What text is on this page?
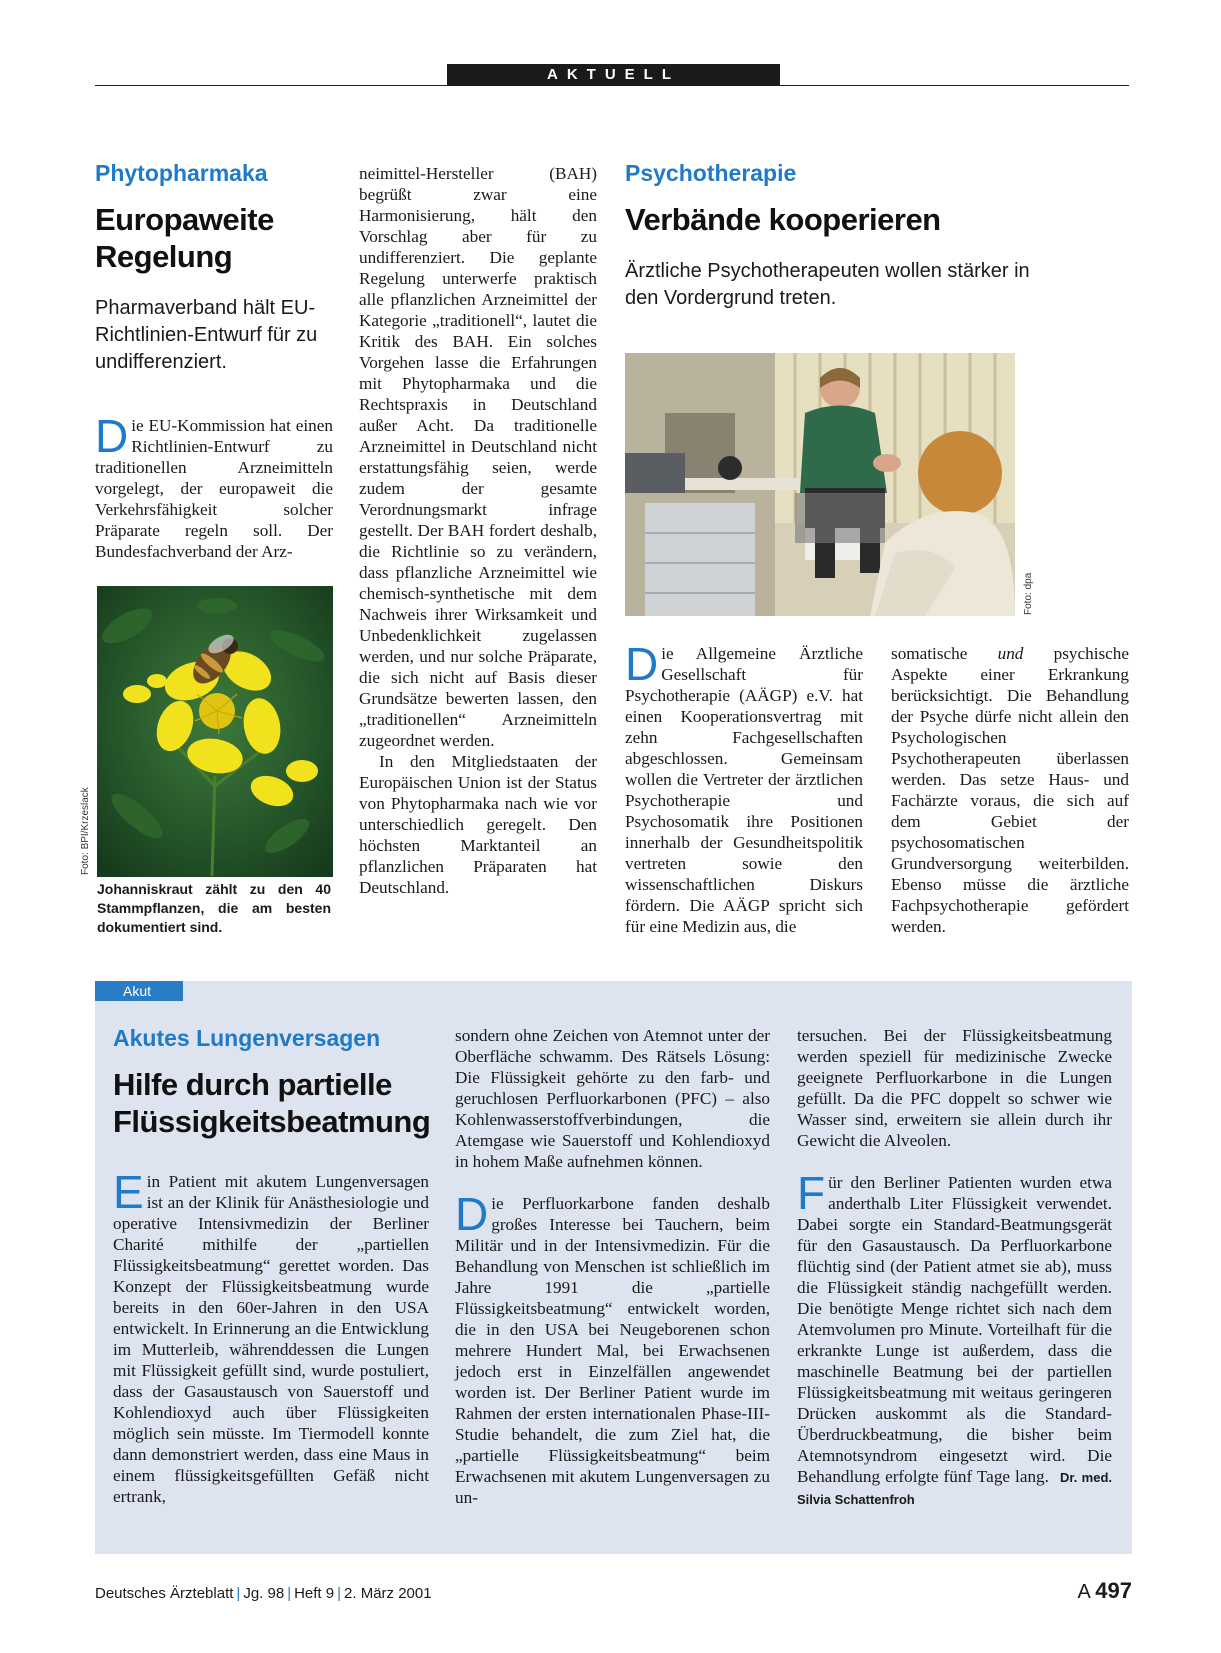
AKTUELL
Phytopharmaka
Europaweite
Regelung
Pharmaverband hält EU-Richtlinien-Entwurf für zu undifferenziert.

Die EU-Kommission hat einen Richtlinien-Entwurf zu traditionellen Arzneimitteln vorgelegt, der europaweit die Verkehrsfähigkeit solcher Präparate regeln soll. Der Bundesfachverband der Arz-

Foto: BPI/Krzeslack
Johanniskraut zählt zu den 40 Stammpflanzen, die am besten dokumentiert sind.

neimittel-Hersteller (BAH) begrüßt zwar eine Harmonisierung, hält den Vorschlag aber für zu undifferenziert. Die geplante Regelung unterwerfe praktisch alle pflanzlichen Arzneimittel der Kategorie „traditionell“, lautet die Kritik des BAH. Ein solches Vorgehen lasse die Erfahrungen mit Phytopharmaka und die Rechtspraxis in Deutschland außer Acht. Da traditionelle Arzneimittel in Deutschland nicht erstattungsfähig seien, werde zudem der gesamte Verordnungsmarkt infrage gestellt. Der BAH fordert deshalb, die Richtlinie so zu verändern, dass pflanzliche Arzneimittel wie chemisch-synthetische mit dem Nachweis ihrer Wirksamkeit und Unbedenklichkeit zugelassen werden, und nur solche Präparate, die sich nicht auf Basis dieser Grundsätze bewerten lassen, den „traditionellen“ Arzneimitteln zugeordnet werden.

In den Mitgliedstaaten der Europäischen Union ist der Status von Phytopharmaka nach wie vor unterschiedlich geregelt. Den höchsten Marktanteil an pflanzlichen Präparaten hat Deutschland.

Psychotherapie
Verbände kooperieren
Ärztliche Psychotherapeuten wollen stärker in den Vordergrund treten.
Foto: dpa

Die Allgemeine Ärztliche Gesellschaft für Psychotherapie (AÄGP) e.V. hat einen Kooperationsvertrag mit zehn Fachgesellschaften abgeschlossen. Gemeinsam wollen die Vertreter der ärztlichen Psychotherapie und Psychosomatik ihre Positionen innerhalb der Gesundheitspolitik vertreten sowie den wissenschaftlichen Diskurs fördern. Die AÄGP spricht sich für eine Medizin aus, die

somatische und psychische Aspekte einer Erkrankung berücksichtigt. Die Behandlung der Psyche dürfe nicht allein den Psychologischen Psychotherapeuten überlassen werden. Das setze Haus- und Fachärzte voraus, die sich auf dem Gebiet der psychosomatischen Grundversorgung weiterbilden. Ebenso müsse die ärztliche Fachpsychotherapie gefördert werden.

Akut
Akutes Lungenversagen
Hilfe durch partielle
Flüssigkeitsbeatmung

Ein Patient mit akutem Lungenversagen ist an der Klinik für Anästhesiologie und operative Intensivmedizin der Berliner Charité mithilfe der „partiellen Flüssigkeitsbeatmung“ gerettet worden. Das Konzept der Flüssigkeitsbeatmung wurde bereits in den 60er-Jahren in den USA entwickelt. In Erinnerung an die Entwicklung im Mutterleib, währenddessen die Lungen mit Flüssigkeit gefüllt sind, wurde postuliert, dass der Gasaustausch von Sauerstoff und Kohlendioxyd auch über Flüssigkeiten möglich sein müsste. Im Tiermodell konnte dann demonstriert werden, dass eine Maus in einem flüssigkeitsgefüllten Gefäß nicht ertrank,

sondern ohne Zeichen von Atemnot unter der Oberfläche schwamm. Des Rätsels Lösung: Die Flüssigkeit gehörte zu den farb- und geruchlosen Perfluorkarbonen (PFC) – also Kohlenwasserstoffverbindungen, die Atemgase wie Sauerstoff und Kohlendioxyd in hohem Maße aufnehmen können.

Die Perfluorkarbone fanden deshalb großes Interesse bei Tauchern, beim Militär und in der Intensivmedizin. Für die Behandlung von Menschen ist schließlich im Jahre 1991 die „partielle Flüssigkeitsbeatmung“ entwickelt worden, die in den USA bei Neugeborenen schon mehrere Hundert Mal, bei Erwachsenen jedoch erst in Einzelfällen angewendet worden ist. Der Berliner Patient wurde im Rahmen der ersten internationalen Phase-III-Studie behandelt, die zum Ziel hat, die „partielle Flüssigkeitsbeatmung“ beim Erwachsenen mit akutem Lungenversagen zu un-

tersuchen. Bei der Flüssigkeitsbeatmung werden speziell für medizinische Zwecke geeignete Perfluorkarbone in die Lungen gefüllt. Da die PFC doppelt so schwer wie Wasser sind, erweitern sie allein durch ihr Gewicht die Alveolen.

Für den Berliner Patienten wurden etwa anderthalb Liter Flüssigkeit verwendet. Dabei sorgte ein Standard-Beatmungsgerät für den Gasaustausch. Da Perfluorkarbone flüchtig sind (der Patient atmet sie ab), muss die Flüssigkeit ständig nachgefüllt werden. Die benötigte Menge richtet sich nach dem Atemvolumen pro Minute. Vorteilhaft für die erkrankte Lunge ist außerdem, dass die maschinelle Beatmung bei der partiellen Flüssigkeitsbeatmung mit weitaus geringeren Drücken auskommt als die Standard-Überdruckbeatmung, die bisher beim Atemnotsyndrom eingesetzt wird. Die Behandlung erfolgte fünf Tage lang. Dr. med. Silvia Schattenfroh

Deutsches Ärzteblatt | Jg. 98 | Heft 9 | 2. März 2001	A 497
